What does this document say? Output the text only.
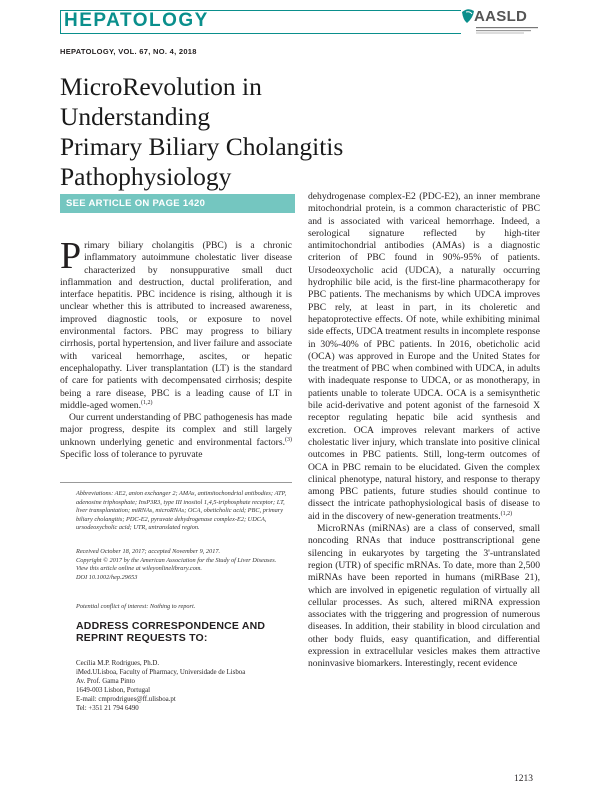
HEPATOLOGY	AASLD
HEPATOLOGY, VOL. 67, NO. 4, 2018
MicroRevolution in Understanding
Primary Biliary Cholangitis
Pathophysiology
SEE ARTICLE ON PAGE 1420

Primary biliary cholangitis (PBC) is a chronic inflammatory autoimmune cholestatic liver disease characterized by nonsuppurative small duct inflammation and destruction, ductal proliferation, and interface hepatitis. PBC incidence is rising, although it is unclear whether this is attributed to increased awareness, improved diagnostic tools, or exposure to novel environmental factors. PBC may progress to biliary cirrhosis, portal hypertension, and liver failure and associate with variceal hemorrhage, ascites, or hepatic encephalopathy. Liver transplantation (LT) is the standard of care for patients with decompensated cirrhosis; despite being a rare disease, PBC is a leading cause of LT in middle-aged women.$^{(1,2)}$

Our current understanding of PBC pathogenesis has made major progress, despite its complex and still largely unknown underlying genetic and environmental factors.$^{(3)}$ Specific loss of tolerance to pyruvate

dehydrogenase complex-E2 (PDC-E2), an inner membrane mitochondrial protein, is a common characteristic of PBC and is associated with variceal hemorrhage. Indeed, a serological signature reflected by high-titer antimitochondrial antibodies (AMAs) is a diagnostic criterion of PBC found in 90%-95% of patients. Ursodeoxycholic acid (UDCA), a naturally occurring hydrophilic bile acid, is the first-line pharmacotherapy for PBC patients. The mechanisms by which UDCA improves PBC rely, at least in part, in its choleretic and hepatoprotective effects. Of note, while exhibiting minimal side effects, UDCA treatment results in incomplete response in 30%-40% of PBC patients. In 2016, obeticholic acid (OCA) was approved in Europe and the United States for the treatment of PBC when combined with UDCA, in adults with inadequate response to UDCA, or as monotherapy, in patients unable to tolerate UDCA. OCA is a semisynthetic bile acid-derivative and potent agonist of the farnesoid X receptor regulating hepatic bile acid synthesis and excretion. OCA improves relevant markers of active cholestatic liver injury, which translate into positive clinical outcomes in PBC patients. Still, long-term outcomes of OCA in PBC remain to be elucidated. Given the complex clinical phenotype, natural history, and response to therapy among PBC patients, future studies should continue to dissect the intricate pathophysiological basis of disease to aid in the discovery of new-generation treatments.$^{(1,2)}$

MicroRNAs (miRNAs) are a class of conserved, small noncoding RNAs that induce posttranscriptional gene silencing in eukaryotes by targeting the 3'-untranslated region (UTR) of specific mRNAs. To date, more than 2,500 miRNAs have been reported in humans (miRBase 21), which are involved in epigenetic regulation of virtually all cellular processes. As such, altered miRNA expression associates with the triggering and progression of numerous diseases. In addition, their stability in blood circulation and other body fluids, easy quantification, and differential expression in extracellular vesicles makes them attractive noninvasive biomarkers. Interestingly, recent evidence

Abbreviations: AE2, anion exchanger 2; AMAs, antimitochondrial antibodies; ATP, adenosine triphosphate; InsP3R3, type III inositol 1,4,5-triphosphate receptor; LT, liver transplantation; miRNAs, microRNAs; OCA, obeticholic acid; PBC, primary biliary cholangitis; PDC-E2, pyruvate dehydrogenase complex-E2; UDCA, ursodeoxycholic acid; UTR, untranslated region.
Received October 18, 2017; accepted November 9, 2017.
Copyright © 2017 by the American Association for the Study of Liver Diseases.
View this article online at wileyonlinelibrary.com.
DOI 10.1002/hep.29653
Potential conflict of interest: Nothing to report.
ADDRESS CORRESPONDENCE AND REPRINT REQUESTS TO:
Cecília M.P. Rodrigues, Ph.D.
iMed.ULisboa, Faculty of Pharmacy, Universidade de Lisboa
Av. Prof. Gama Pinto
1649-003 Lisbon, Portugal
E-mail: cmprodrigues@ff.ulisboa.pt
Tel: +351 21 794 6490
1213
